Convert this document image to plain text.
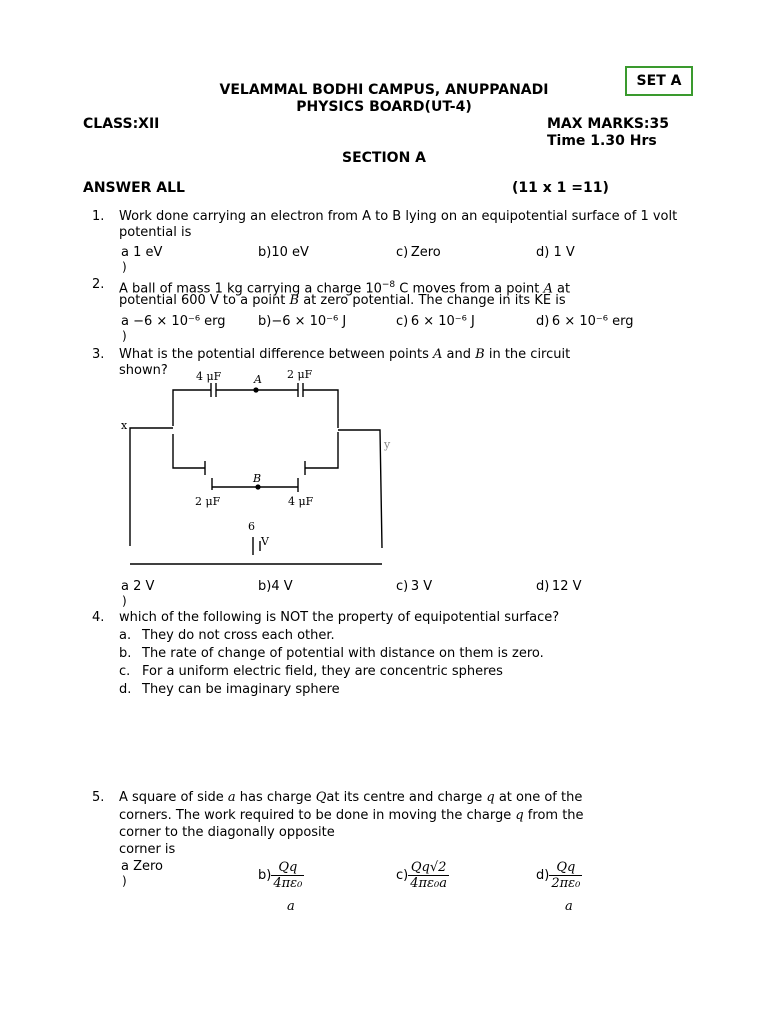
SET A
VELAMMAL BODHI CAMPUS, ANUPPANADI
PHYSICS BOARD(UT-4)
CLASS:XII	MAX MARKS:35
Time 1.30 Hrs
SECTION A
ANSWER ALL	(11 x 1 =11)
1. Work done carrying an electron from A to B lying on an equipotential surface of 1 volt potential is
a 1 eV
)
b)10 eV	c) Zero	d) 1 V
2. A ball of mass 1 kg carrying a charge $10^{-8}$ C moves from a point A at
potential 600 V to a point B at zero potential. The change in its KE is
a −6 × 10⁻⁶ erg
)
b)−6 × 10⁻⁶ J	c) 6 × 10⁻⁶ J	d) 6 × 10⁻⁶ erg
3. What is the potential difference between points A and B in the circuit
shown?	4 μF	2 μF
A
B
2 μF	4 μF
x
y
6
V
a 2 V
)
b)4 V	c) 3 V	d) 12 V
4. which of the following is NOT the property of equipotential surface?
a. They do not cross each other.
b. The rate of change of potential with distance on them is zero.
c. For a uniform electric field, they are concentric spheres
d. They can be imaginary sphere
5. A square of side a has charge Qat its centre and charge q at one of the
corners. The work required to be done in moving the charge q from the
corner to the diagonally opposite
corner is
a Zero
)	$b) \frac{Qq}{\text{4πε₀}}$
a
$c) \frac{Qq√2}{\text{4πε₀a}}$	$d) \frac{Qq}{\text{2πε₀}}$
a
